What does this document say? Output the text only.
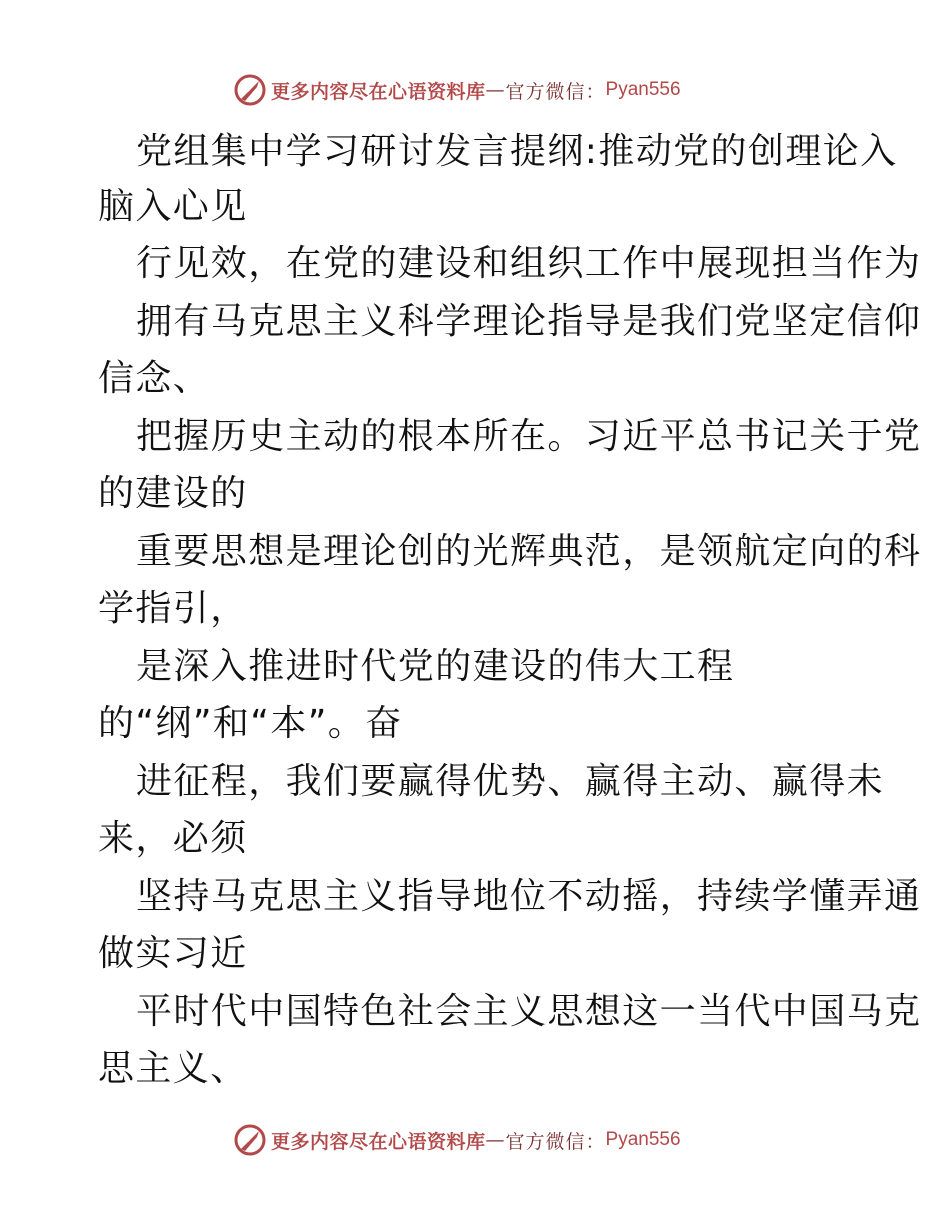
更多内容尽在心语资料库 — 官方微信： Pyan556
党组集中学习研讨发言提纲:推动党的创理论入
脑入心见
行见效，在党的建设和组织工作中展现担当作为
拥有马克思主义科学理论指导是我们党坚定信仰
信念、
把握历史主动的根本所在。习近平总书记关于党
的建设的
重要思想是理论创的光辉典范，是领航定向的科
学指引，
是深入推进时代党的建设的伟大工程
的“纲”和“本”。奋
进征程，我们要赢得优势、赢得主动、赢得未
来，必须
坚持马克思主义指导地位不动摇，持续学懂弄通
做实习近
平时代中国特色社会主义思想这一当代中国马克
思主义、
更多内容尽在心语资料库 — 官方微信： Pyan556
